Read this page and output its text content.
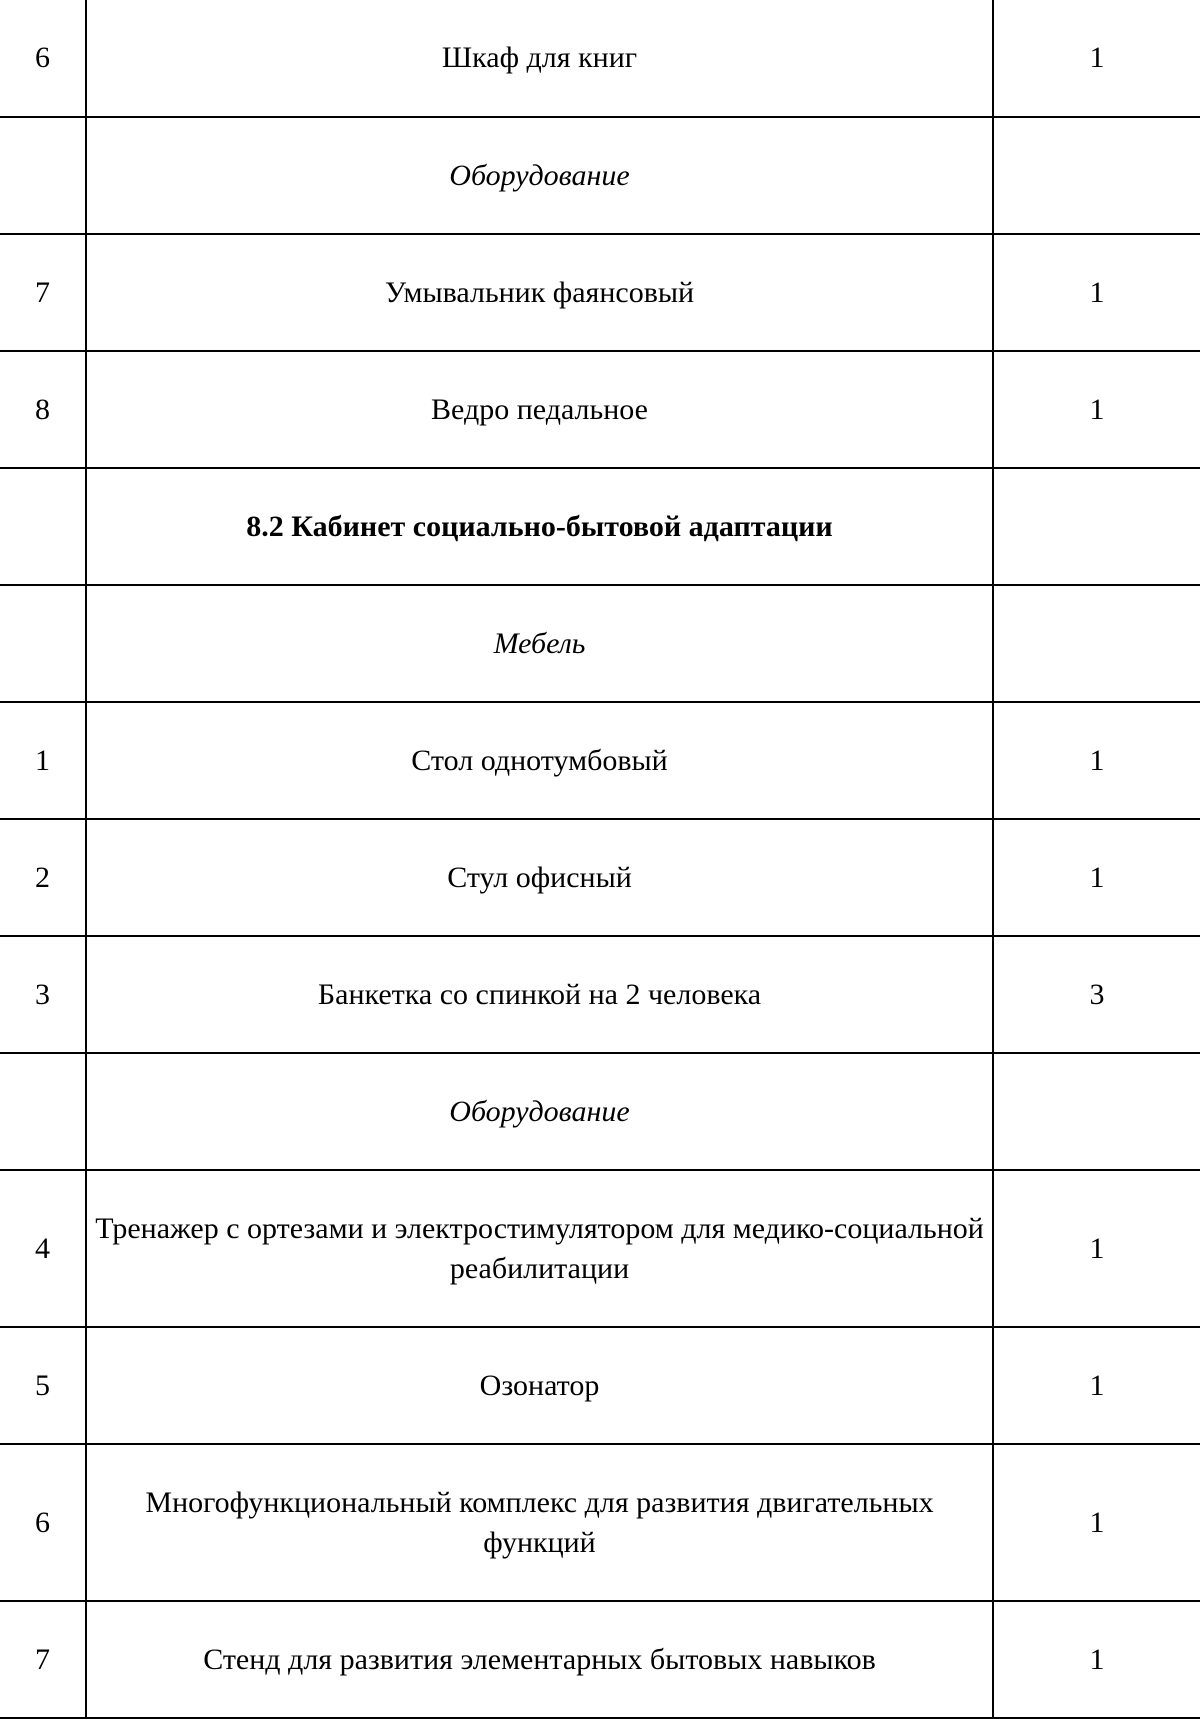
6	Шкаф для книг	1
	Оборудование	
7	Умывальник фаянсовый	1
8	Ведро педальное	1
	8.2 Кабинет социально-бытовой адаптации	
	Мебель	
1	Стол однотумбовый	1
2	Стул офисный	1
3	Банкетка со спинкой на 2 человека	3
	Оборудование	
4	Тренажер с ортезами и электростимулятором для медико-социальной реабилитации	1
5	Озонатор	1
6	Многофункциональный комплекс для развития двигательных функций	1
7	Стенд для развития элементарных бытовых навыков	1
